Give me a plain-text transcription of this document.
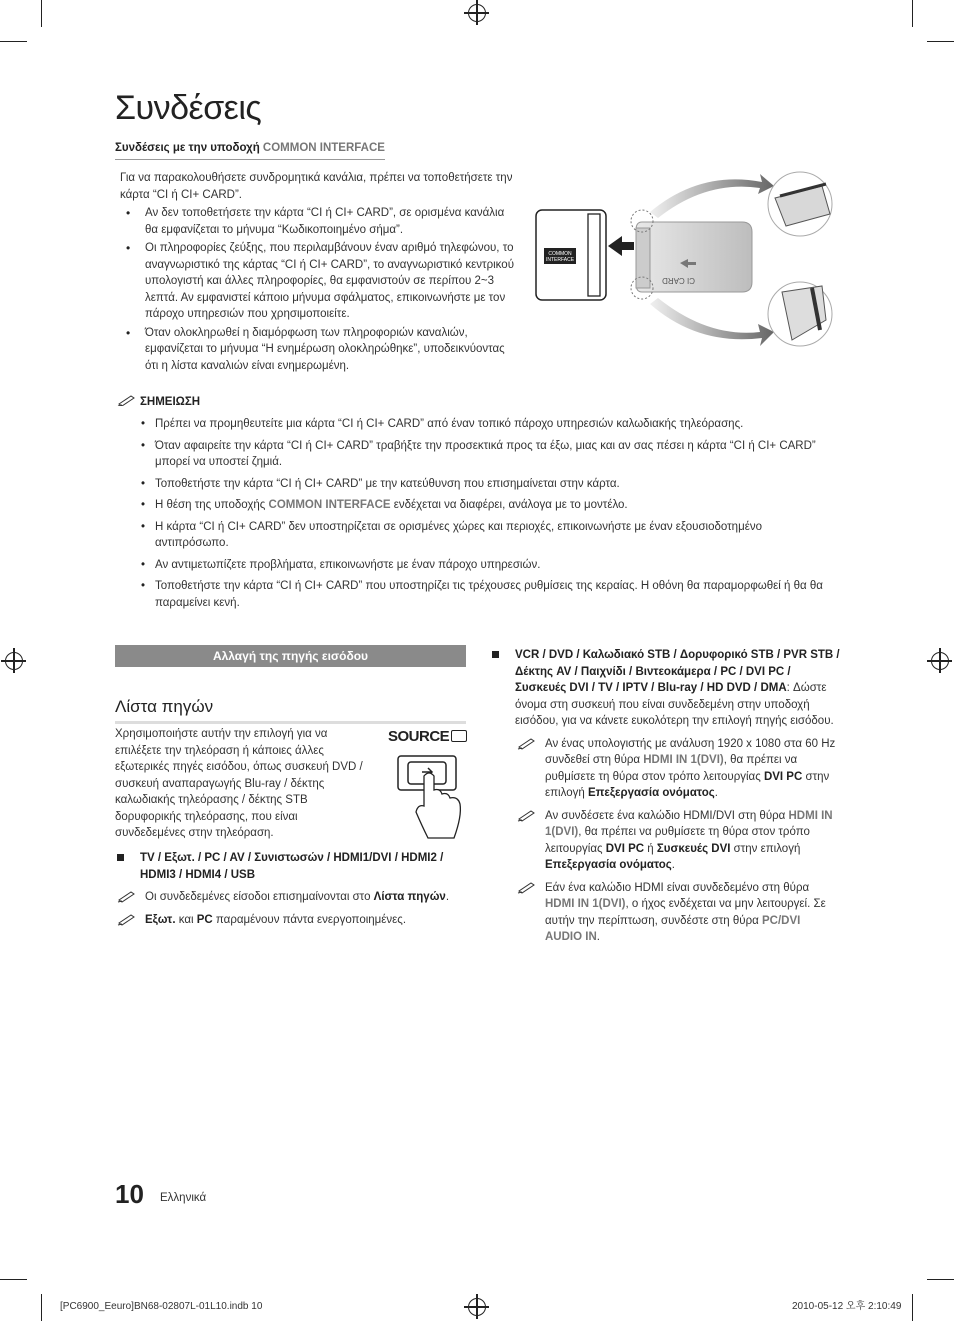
Συνδέσεις
Συνδέσεις με την υποδοχή COMMON INTERFACE

Για να παρακολουθήσετε συνδρομητικά κανάλια, πρέπει να τοποθετήσετε την κάρτα “CI ή CI+ CARD”.

• Αν δεν τοποθετήσετε την κάρτα “CI ή CI+ CARD”, σε ορισμένα κανάλια θα εμφανίζεται το μήνυμα “Κωδικοποιημένο σήμα”.
• Οι πληροφορίες ζεύξης, που περιλαμβάνουν έναν αριθμό τηλεφώνου, το αναγνωριστικό της κάρτας “CI ή CI+ CARD”, το αναγνωριστικό κεντρικού υπολογιστή και άλλες πληροφορίες, θα εμφανιστούν σε περίπου 2~3 λεπτά. Αν εμφανιστεί κάποιο μήνυμα σφάλματος, επικοινωνήστε με τον πάροχο υπηρεσιών που χρησιμοποιείτε.
• Όταν ολοκληρωθεί η διαμόρφωση των πληροφοριών καναλιών, εμφανίζεται το μήνυμα “Η ενημέρωση ολοκληρώθηκε”, υποδεικνύοντας ότι η λίστα καναλιών είναι ενημερωμένη.
COMMON
INTERFACE
CI CARD
ΣΗΜΕΙΩΣΗ
• Πρέπει να προμηθευτείτε μια κάρτα “CI ή CI+ CARD” από έναν τοπικό πάροχο υπηρεσιών καλωδιακής τηλεόρασης.
• Όταν αφαιρείτε την κάρτα “CI ή CI+ CARD” τραβήξτε την προσεκτικά προς τα έξω, μιας και αν σας πέσει η κάρτα “CI ή CI+ CARD” μπορεί να υποστεί ζημιά.
• Τοποθετήστε την κάρτα “CI ή CI+ CARD” με την κατεύθυνση που επισημαίνεται στην κάρτα.
• Η θέση της υποδοχής COMMON INTERFACE ενδέχεται να διαφέρει, ανάλογα με το μοντέλο.
• Η κάρτα “CI ή CI+ CARD” δεν υποστηρίζεται σε ορισμένες χώρες και περιοχές, επικοινωνήστε με έναν εξουσιοδοτημένο αντιπρόσωπο.
• Αν αντιμετωπίζετε προβλήματα, επικοινωνήστε με έναν πάροχο υπηρεσιών.
• Τοποθετήστε την κάρτα “CI ή CI+ CARD” που υποστηρίζει τις τρέχουσες ρυθμίσεις της κεραίας. Η οθόνη θα παραμορφωθεί ή θα θα παραμείνει κενή.
Αλλαγή της πηγής εισόδου
Λίστα πηγών
Χρησιμοποιήστε αυτήν την επιλογή για να επιλέξετε την τηλεόραση ή κάποιες άλλες εξωτερικές πηγές εισόδου, όπως συσκευή DVD / συσκευή αναπαραγωγής Blu-ray / δέκτης καλωδιακής τηλεόρασης / δέκτης STB δορυφορικής τηλεόρασης, που είναι συνδεδεμένες στην τηλεόραση.
SOURCE
TV / Εξωτ. / PC / AV / Συνιστωσών / HDMI1/DVI / HDMI2 / HDMI3 / HDMI4 / USB
Οι συνδεδεμένες είσοδοι επισημαίνονται στο Λίστα πηγών.
Εξωτ. και PC παραμένουν πάντα ενεργοποιημένες.
VCR / DVD / Καλωδιακό STB / Δορυφορικό STB / PVR STB / Δέκτης AV / Παιχνίδι / Βιντεοκάμερα / PC / DVI PC / Συσκευές DVI / TV / IPTV / Blu-ray / HD DVD / DMA: Δώστε όνομα στη συσκευή που είναι συνδεδεμένη στην υποδοχή εισόδου, για να κάνετε ευκολότερη την επιλογή πηγής εισόδου.
Αν ένας υπολογιστής με ανάλυση 1920 x 1080 στα 60 Hz συνδεθεί στη θύρα HDMI IN 1(DVI), θα πρέπει να ρυθμίσετε τη θύρα στον τρόπο λειτουργίας DVI PC στην επιλογή Επεξεργασία ονόματος.
Αν συνδέσετε ένα καλώδιο HDMI/DVI στη θύρα HDMI IN 1(DVI), θα πρέπει να ρυθμίσετε τη θύρα στον τρόπο λειτουργίας DVI PC ή Συσκευές DVI στην επιλογή Επεξεργασία ονόματος.
Εάν ένα καλώδιο HDMI είναι συνδεδεμένο στη θύρα HDMI IN 1(DVI), ο ήχος ενδέχεται να μην λειτουργεί. Σε αυτήν την περίπτωση, συνδέστε στη θύρα PC/DVI AUDIO IN.
10 Ελληνικά
[PC6900_Eeuro]BN68-02807L-01L10.indb 10	2010-05-12 오후 2:10:49
